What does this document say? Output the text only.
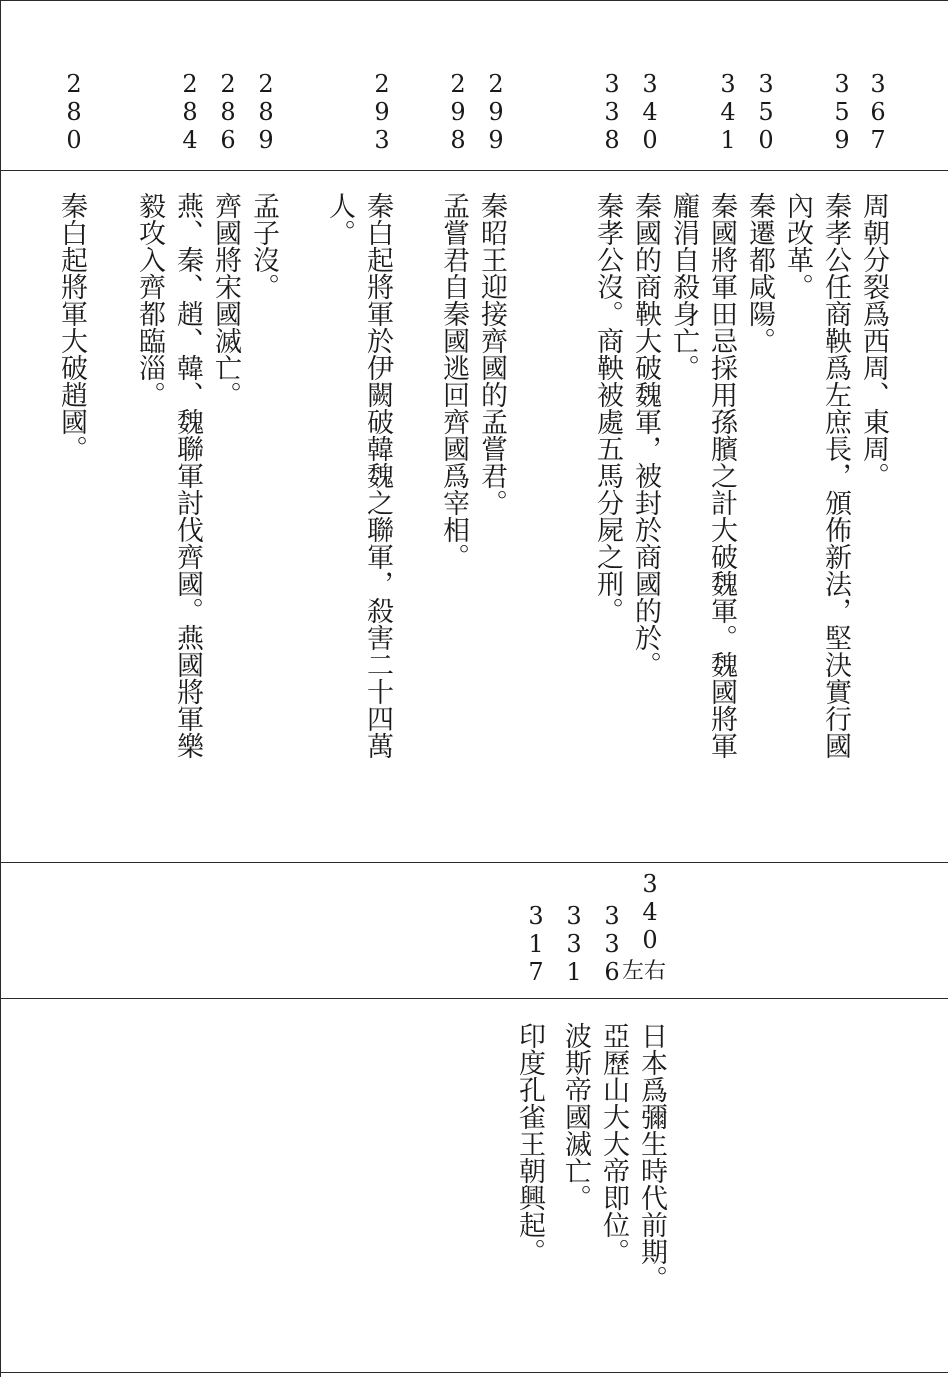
367
359
350
341
340
338
299
298
293
289
286
284
280
周朝分裂爲西周、東周。
秦孝公任商鞅爲左庶長，頒佈新法，堅決實行國
內改革。
秦遷都咸陽。
秦國將軍田忌採用孫臏之計大破魏軍。魏國將軍
龐涓自殺身亡。
秦國的商鞅大破魏軍，被封於商國的於。
秦孝公沒。商鞅被處五馬分屍之刑。
秦昭王迎接齊國的孟嘗君。
孟嘗君自秦國逃回齊國爲宰相。
秦白起將軍於伊闕破韓魏之聯軍，殺害二十四萬
人。
孟子沒。
齊國將宋國滅亡。
燕、秦、趙、韓、魏聯軍討伐齊國。燕國將軍樂
毅攻入齊都臨淄。
秦白起將軍大破趙國。
340
左右
336
331
317
日本爲彌生時代前期。
亞歷山大大帝即位。
波斯帝國滅亡。
印度孔雀王朝興起。
